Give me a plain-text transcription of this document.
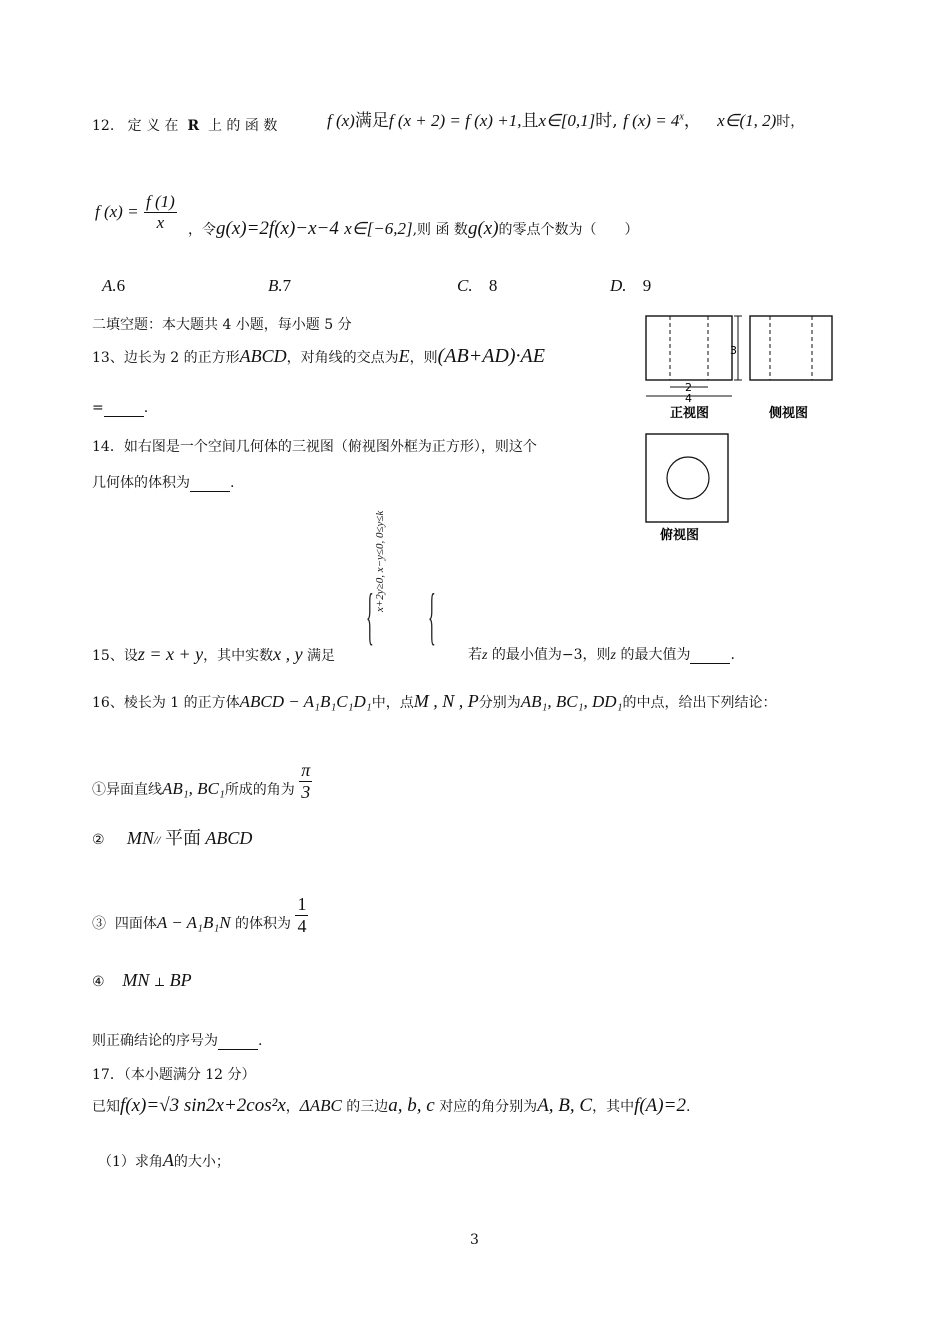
12. 定 义 在 R 上 的 函 数	f (x)满足f (x + 2) = f (x) +1,且x∈[0,1]时, f $(x) = 4^x$， x∈(1, 2)时，
f $(x) = \frac{f (1)}{x}$ ，令g(x)=2f(x)−x−4 x∈[−6,2],则 函 数g(x)的零点个数为（　　）
A.6	B.7	C. 8	D. 9
二填空题：本大题共 4 小题，每小题 5 分
13、边长为 2 的正方形ABCD，对角线的交点为E，则(AB+AD)·AE
=	.
14．如右图是一个空间几何体的三视图（俯视图外框为正方形），则这个
几何体的体积为	.
3
2
4
正视图	侧视图
俯视图
{
x+2y≥0, x−y≤0, 0≤y≤k
{
15、设z = x + y，其中实数x , y 满足	若z 的最小值为−3，则z 的最大值为	.
16、棱长为 1 的正方体ABCD − A₁B₁C₁D₁中，点M , N , P分别为AB₁, BC₁, DD₁的中点，给出下列结论：
①异面直线AB₁, BC₁所成的角为 $\frac{\pi}{3}$
② MN// 平面 ABCD
③ 四面体A − A₁B₁N 的体积为 $\frac{1}{4}$
④ MN ⊥ BP
则正确结论的序号为	.
17．（本小题满分 12 分）
已知f(x)=√3 sin2x+2cos²x，ΔABC 的三边a, b, c 对应的角分别为A, B, C，其中f(A)=2.
（1）求角A的大小；
3
